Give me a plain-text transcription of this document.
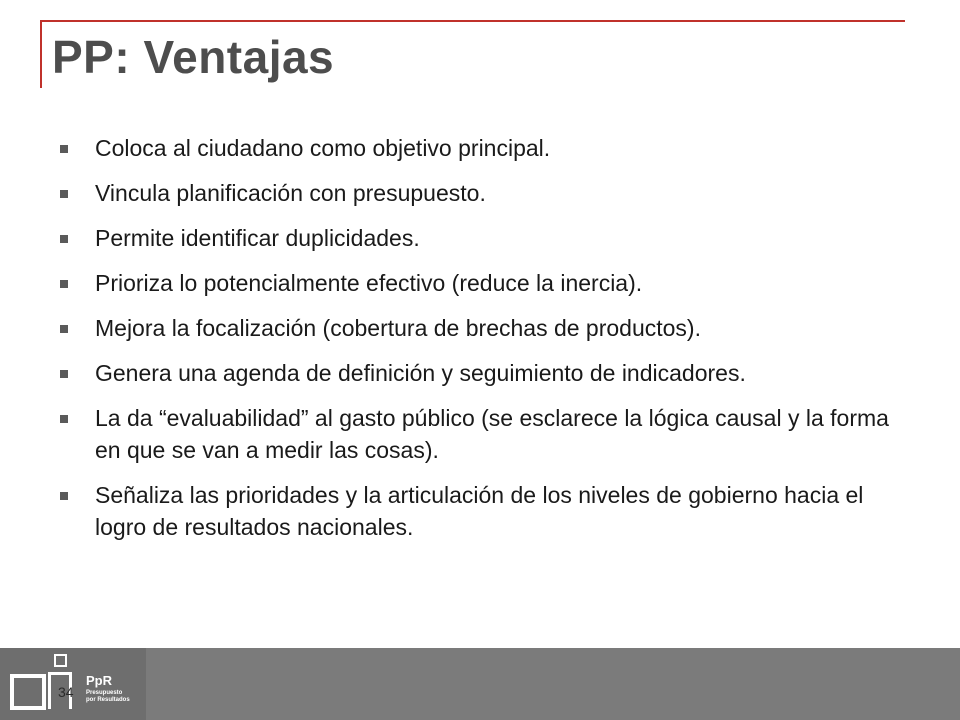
PP: Ventajas
Coloca al ciudadano como objetivo principal.
Vincula planificación con presupuesto.
Permite identificar duplicidades.
Prioriza lo potencialmente efectivo (reduce la inercia).
Mejora la focalización (cobertura de brechas de productos).
Genera una agenda de definición y seguimiento de indicadores.
La da “evaluabilidad” al gasto público (se esclarece la lógica causal y la forma en que se van a medir las cosas).
Señaliza las prioridades y la articulación de los niveles de gobierno hacia el logro de resultados nacionales.
PpR
Presupuesto
por Resultados
34
